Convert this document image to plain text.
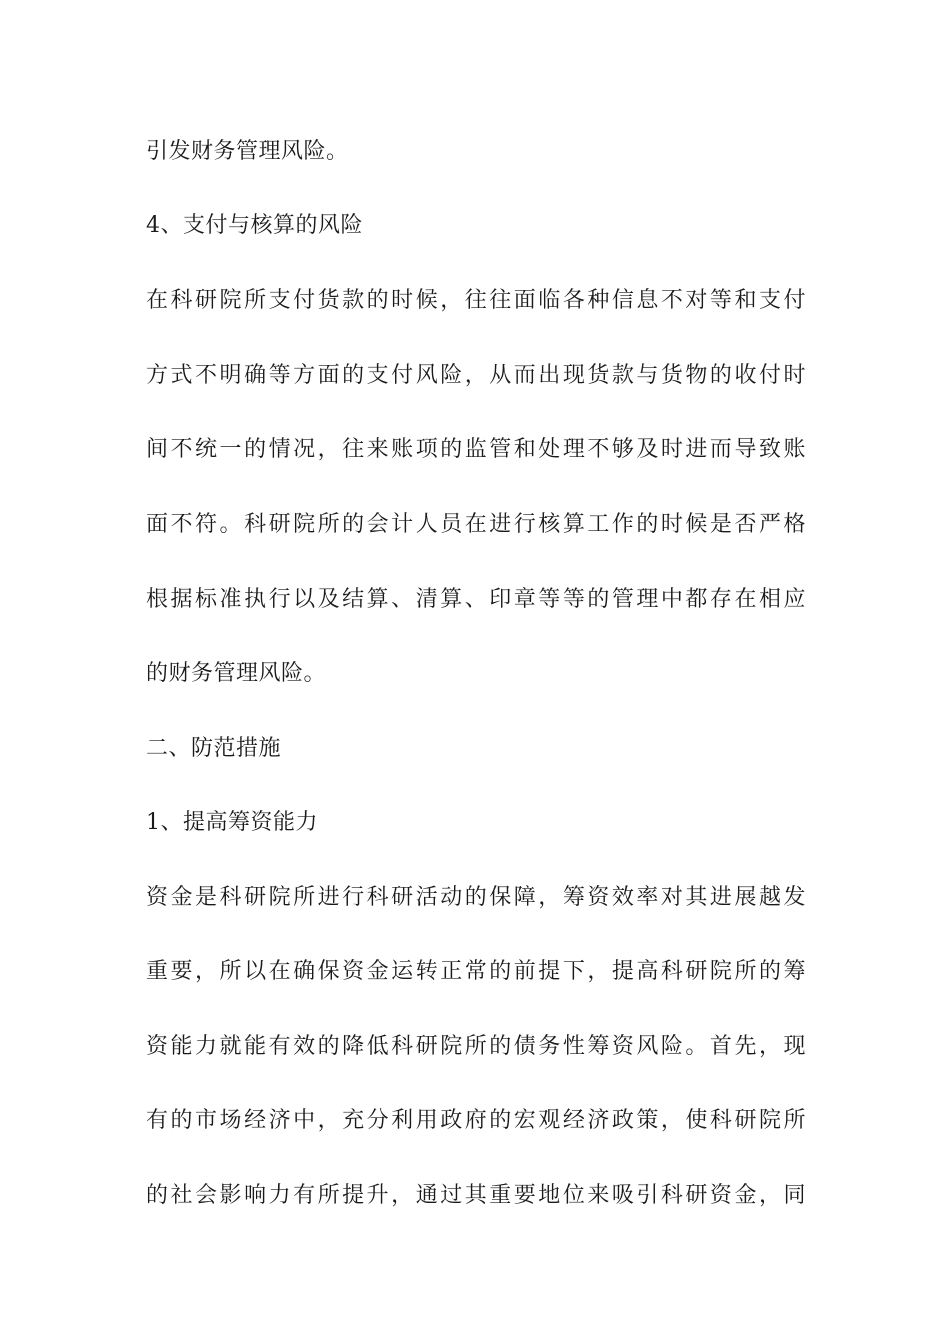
引发财务管理风险。
4、支付与核算的风险
在科研院所支付货款的时候，往往面临各种信息不对等和支付
方式不明确等方面的支付风险，从而出现货款与货物的收付时
间不统一的情况，往来账项的监管和处理不够及时进而导致账
面不符。科研院所的会计人员在进行核算工作的时候是否严格
根据标准执行以及结算、清算、印章等等的管理中都存在相应
的财务管理风险。
二、防范措施
1、提高筹资能力
资金是科研院所进行科研活动的保障，筹资效率对其进展越发
重要，所以在确保资金运转正常的前提下，提高科研院所的筹
资能力就能有效的降低科研院所的债务性筹资风险。首先，现
有的市场经济中，充分利用政府的宏观经济政策，使科研院所
的社会影响力有所提升，通过其重要地位来吸引科研资金，同
